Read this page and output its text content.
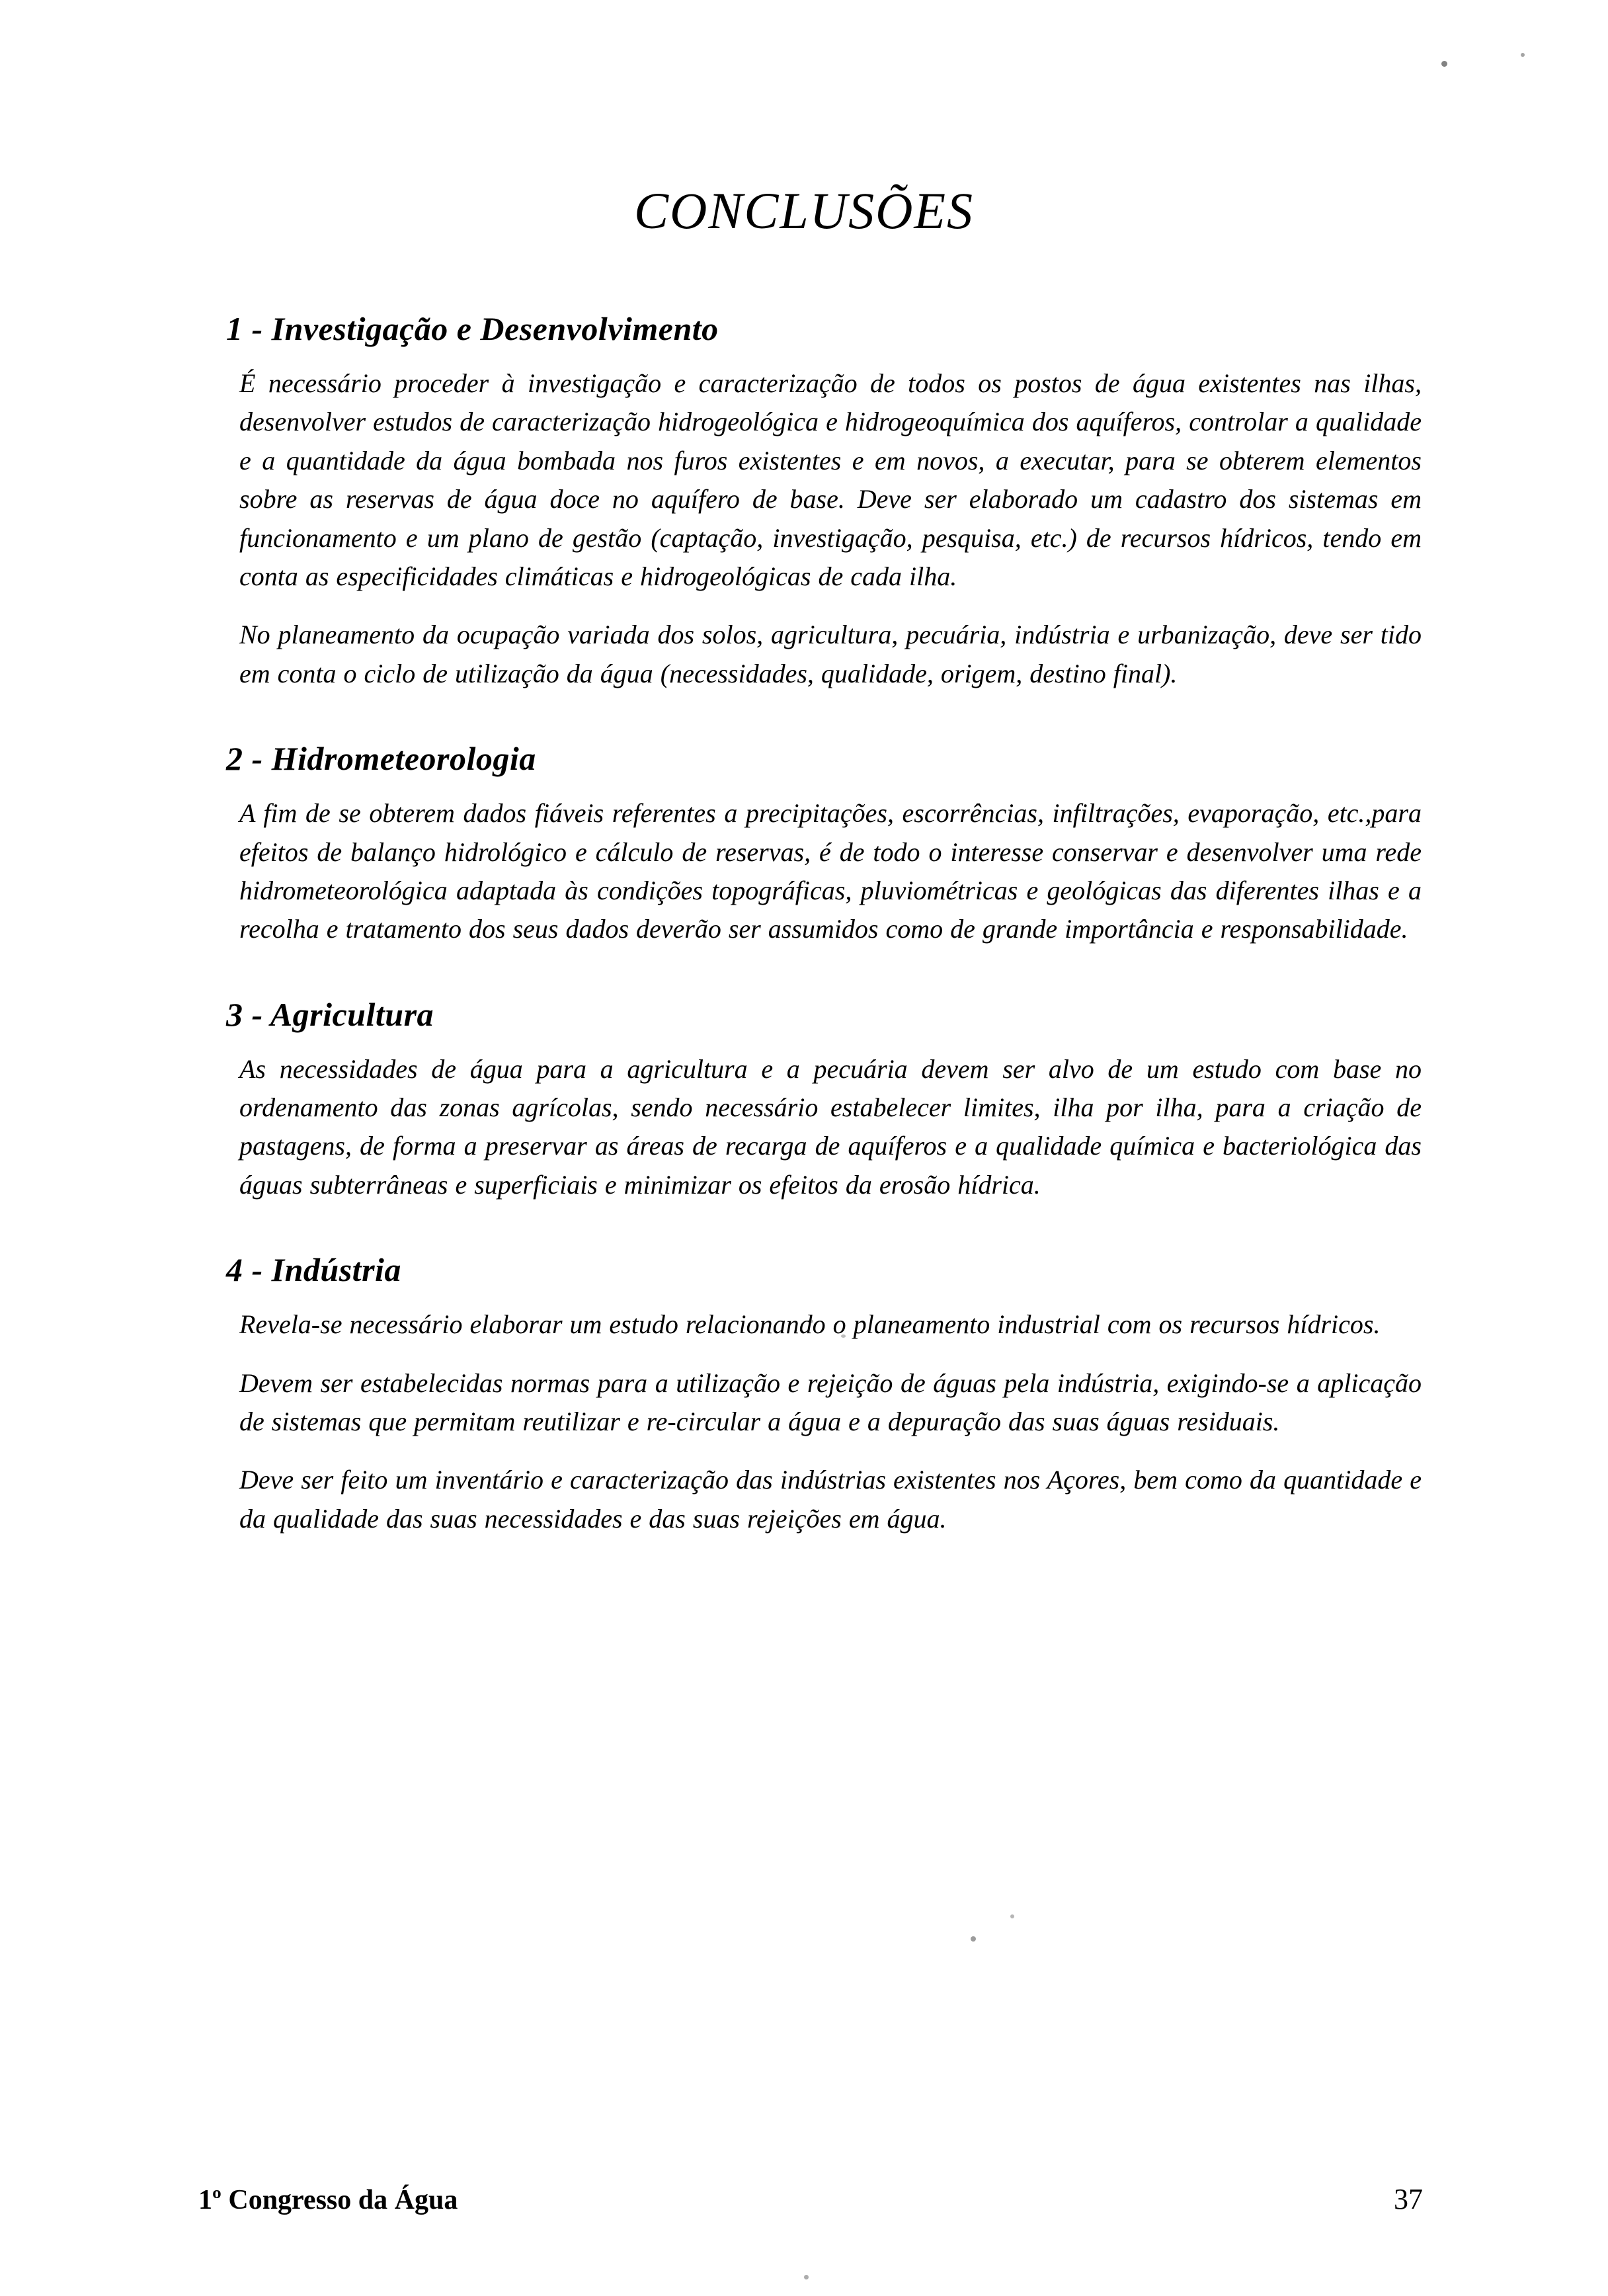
CONCLUSÕES
1 - Investigação e Desenvolvimento

É necessário proceder à investigação e caracterização de todos os postos de água existentes nas ilhas, desenvolver estudos de caracterização hidrogeológica e hidrogeoquímica dos aquíferos, controlar a qualidade e a quantidade da água bombada nos furos existentes e em novos, a executar, para se obterem elementos sobre as reservas de água doce no aquífero de base. Deve ser elaborado um cadastro dos sistemas em funcionamento e um plano de gestão (captação, investigação, pesquisa, etc.) de recursos hídricos, tendo em conta as especificidades climáticas e hidrogeológicas de cada ilha.

No planeamento da ocupação variada dos solos, agricultura, pecuária, indústria e urbanização, deve ser tido em conta o ciclo de utilização da água (necessidades, qualidade, origem, destino final).

2 - Hidrometeorologia

A fim de se obterem dados fiáveis referentes a precipitações, escorrências, infiltrações, evaporação, etc.,para efeitos de balanço hidrológico e cálculo de reservas, é de todo o interesse conservar e desenvolver uma rede hidrometeorológica adaptada às condições topográficas, pluviométricas e geológicas das diferentes ilhas e a recolha e tratamento dos seus dados deverão ser assumidos como de grande importância e responsabilidade.

3 - Agricultura

As necessidades de água para a agricultura e a pecuária devem ser alvo de um estudo com base no ordenamento das zonas agrícolas, sendo necessário estabelecer limites, ilha por ilha, para a criação de pastagens, de forma a preservar as áreas de recarga de aquíferos e a qualidade química e bacteriológica das águas subterrâneas e superficiais e minimizar os efeitos da erosão hídrica.

4 - Indústria

Revela-se necessário elaborar um estudo relacionando o planeamento industrial com os recursos hídricos.

Devem ser estabelecidas normas para a utilização e rejeição de águas pela indústria, exigindo-se a aplicação de sistemas que permitam reutilizar e re-circular a água e a depuração das suas águas residuais.

Deve ser feito um inventário e caracterização das indústrias existentes nos Açores, bem como da quantidade e da qualidade das suas necessidades e das suas rejeições em água.

1º Congresso da Água	37
